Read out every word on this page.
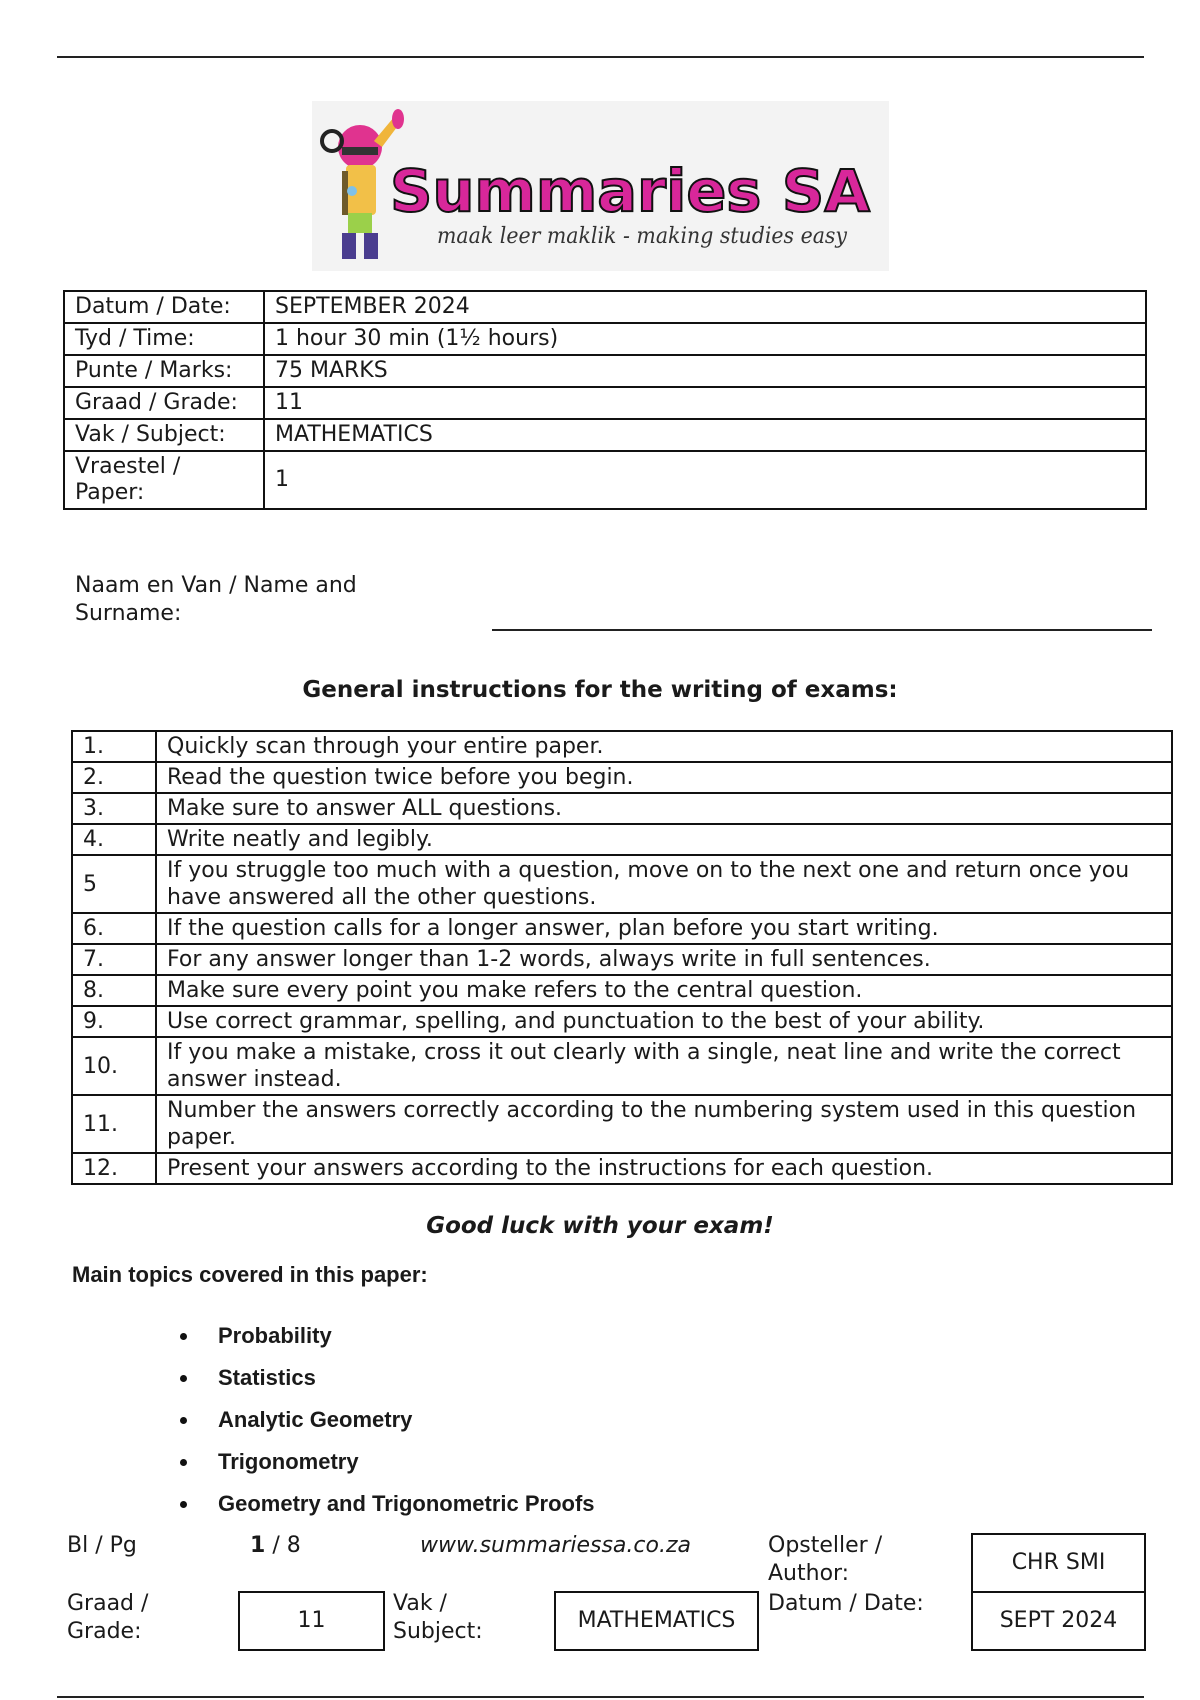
Summaries SA
maak leer maklik - making studies easy
Datum / Date:	SEPTEMBER 2024
Tyd / Time:	1 hour 30 min (1½ hours)
Punte / Marks:	75 MARKS
Graad / Grade:	11
Vak / Subject:	MATHEMATICS
Vraestel / Paper:	1
Naam en Van / Name and Surname:
General instructions for the writing of exams:
1.	Quickly scan through your entire paper.
2.	Read the question twice before you begin.
3.	Make sure to answer ALL questions.
4.	Write neatly and legibly.
5	If you struggle too much with a question, move on to the next one and return once you have answered all the other questions.
6.	If the question calls for a longer answer, plan before you start writing.
7.	For any answer longer than 1-2 words, always write in full sentences.
8.	Make sure every point you make refers to the central question.
9.	Use correct grammar, spelling, and punctuation to the best of your ability.
10.	If you make a mistake, cross it out clearly with a single, neat line and write the correct answer instead.
11.	Number the answers correctly according to the numbering system used in this question paper.
12.	Present your answers according to the instructions for each question.
Good luck with your exam!
Main topics covered in this paper:
Probability
Statistics
Analytic Geometry
Trigonometry
Geometry and Trigonometric Proofs
Bl / Pg	1 / 8	www.summariessa.co.za	Opsteller / Author:	CHR SMI
Graad / Grade:	11
Vak / Subject:	MATHEMATICS
Datum / Date:
SEPT 2024
